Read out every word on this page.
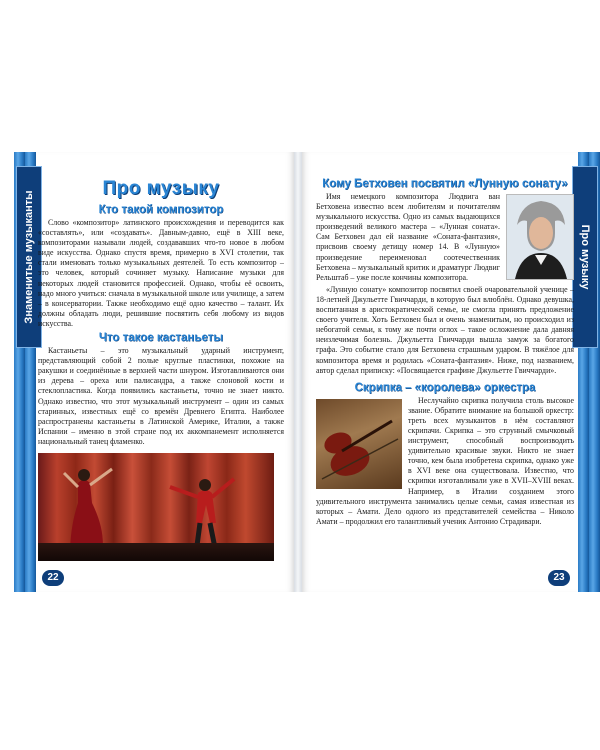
Знаменитые музыканты
Про музыку
Кто такой композитор

Слово «композитор» латинского происхождения и переводится как «составлять», или «создавать». Давным-давно, ещё в XIII веке, композиторами называли людей, создававших что-то новое в любом виде искусства. Однако спустя время, примерно в XVI столетии, так стали именовать только музыкальных деятелей. То есть композитор – это человек, который сочиняет музыку. Написание музыки для некоторых людей становится профессией. Однако, чтобы её освоить, надо много учиться: сначала в музыкальной школе или училище, а затем – в консерватории. Также необходимо ещё одно качество – талант. Их должны обладать люди, решившие посвятить себя любому из видов искусства.

Что такое кастаньеты

Кастаньеты – это музыкальный ударный инструмент, представляющий собой 2 полые круглые пластинки, похожие на ракушки и соединённые в верхней части шнуром. Изготавливаются они из дерева – ореха или палисандра, а также слоновой кости и стеклопластика. Когда появились кастаньеты, точно не знает никто. Однако известно, что этот музыкальный инструмент – один из самых старинных, известных ещё со времён Древнего Египта. Наиболее распространены кастаньеты в Латинской Америке, Италии, а также Испании – именно в этой стране под их аккомпанемент исполняется национальный танец фламенко.

22
Про музыку
Кому Бетховен посвятил «Лунную сонату»

Имя немецкого композитора Людвига ван Бетховена известно всем любителям и почитателям музыкального искусства. Одно из самых выдающихся произведений великого мастера – «Лунная соната». Сам Бетховен дал ей название «Соната-фантазия», присвоив своему детищу номер 14. В «Лунную» произведение переименовал соотечественник Бетховена – музыкальный критик и драматург Людвиг Рельштаб – уже после кончины композитора.

«Лунную сонату» композитор посвятил своей очаровательной ученице – 18-летней Джульетте Гвиччарди, в которую был влюблён. Однако девушка, воспитанная в аристократической семье, не смогла принять предложение своего учителя. Хоть Бетховен был и очень знаменитым, но происходил из небогатой семьи, к тому же почти оглох – такое осложнение дала давняя неизлечимая болезнь. Джульетта Гвиччарди вышла замуж за богатого графа. Это событие стало для Бетховена страшным ударом. В тяжёлое для композитора время и родилась «Соната-фантазия». Ниже, под названием, автор сделал приписку: «Посвящается графине Джульетте Гвиччарди».

Скрипка – «королева» оркестра

Неслучайно скрипка получила столь высокое звание. Обратите внимание на большой оркестр: треть всех музыкантов в нём составляют скрипачи. Скрипка – это струнный смычковый инструмент, способный воспроизводить удивительно красивые звуки. Никто не знает точно, кем была изобретена скрипка, однако уже в XVI веке она существовала. Известно, что скрипки изготавливали уже в XVII–XVIII веках. Например, в Италии созданием этого удивительного инструмента занимались целые семьи, самая известная из которых – Амати. Дело одного из представителей семейства – Николо Амати – продолжил его талантливый ученик Антонио Страдивари.

23
